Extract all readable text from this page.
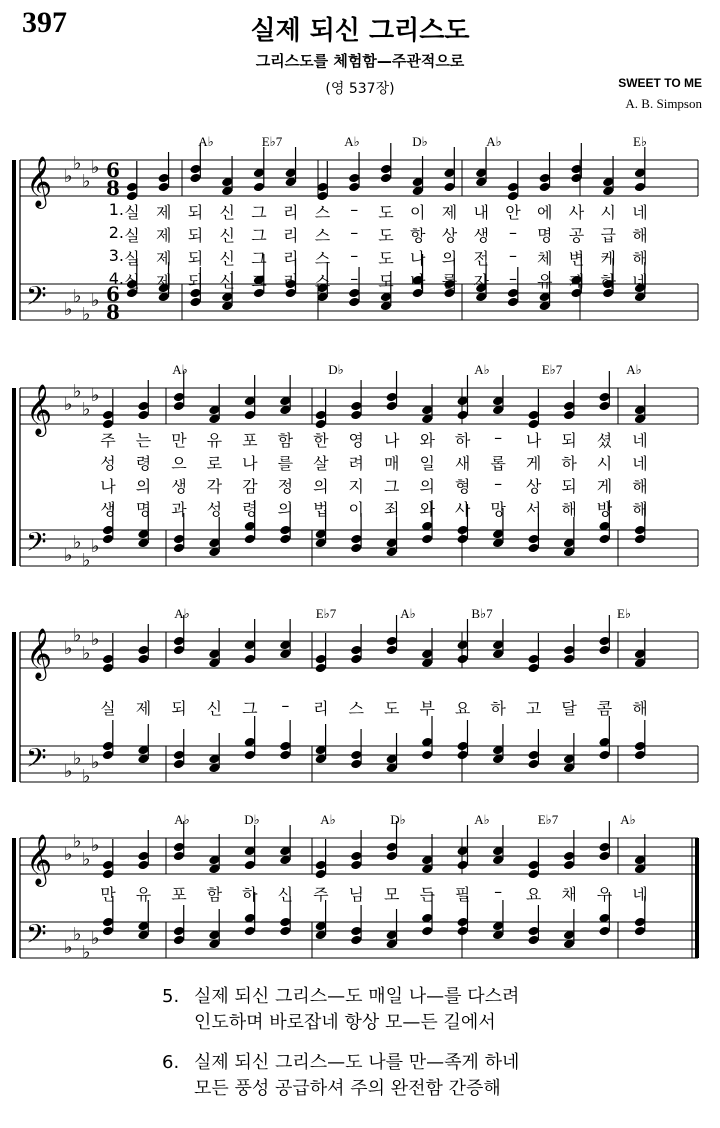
397	실제 되신 그리스도
그리스도를 체험함—주관적으로
(영 537장)	SWEET TO ME
A. B. Simpson
𝄞
𝄢
♭
♭
♭
♭
♭
♭
♭
♭
6
8
6
8
A♭	E♭7	A♭	D♭	A♭	E♭
1. 실 제 되 신 그 리 스 – 도 이 제 내 안 에 사 시 네
2. 실 제 되 신 그 리 스 – 도 항 상 생 – 명 공 급 해
3. 실 제 되 신 그 리 스 – 도 나 의 전 – 체 변 케 해
4. 실 제 되 신 그 리 스 – 도 나 를 자 – 유 케 하 네
𝄞
𝄢
♭
♭
♭
♭
♭
♭
♭
♭
A♭	D♭	A♭	E♭7	A♭
주 는 만 유 포 함 한 영 나 와 하 – 나 되 셨 네
성 령 으 로 나 를 살 려 매 일 새 롭 게 하 시 네
나 의 생 각 감 정 의 지 그 의 형 – 상 되 게 해
생 명 과 성 령 의 법 이 죄 와 사 망 서 해 방 해
𝄞
𝄢
♭
♭
♭
♭
♭
♭
♭
♭
A♭	E♭7	A♭	B♭7	E♭
실 제 되 신 그 – 리 스 도 부 요 하 고 달 콤 해
𝄞
𝄢
♭
♭
♭
♭
♭
♭
♭
♭
A♭	D♭	A♭	D♭	A♭	E♭7	A♭
만 유 포 함 하 신 주 님 모 든 필 – 요 채 우 네
5. 실제 되신 그리스—도 매일 나—를 다스려
인도하며 바로잡네 항상 모—든 길에서
6. 실제 되신 그리스—도 나를 만—족게 하네
모든 풍성 공급하셔 주의 완전함 간증해
